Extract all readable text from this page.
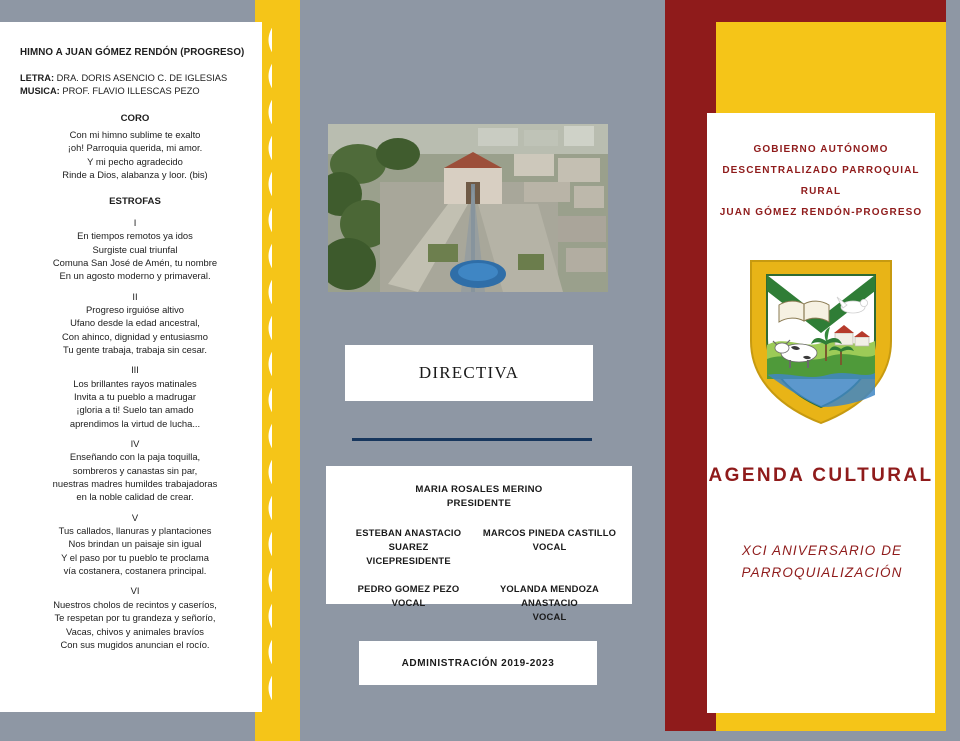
HIMNO A JUAN GÓMEZ RENDÓN (PROGRESO)
LETRA: DRA. DORIS ASENCIO C. DE IGLESIAS
MUSICA: PROF. FLAVIO ILLESCAS PEZO
CORO
Con mi himno sublime te exalto
¡oh! Parroquia querida, mi amor.
Y mi pecho agradecido
Rinde a Dios, alabanza y loor. (bis)
ESTROFAS
I
En tiempos remotos ya idos
Surgiste cual triunfal
Comuna San José de Amén, tu nombre
En un agosto moderno y primaveral.
II
Progreso irguióse altivo
Ufano desde la edad ancestral,
Con ahinco, dignidad y entusiasmo
Tu gente trabaja, trabaja sin cesar.
III
Los brillantes rayos matinales
Invita a tu pueblo a madrugar
¡gloria a ti! Suelo tan amado
aprendimos la virtud de lucha...
IV
Enseñando con la paja toquilla,
sombreros y canastas sin par,
nuestras madres humildes trabajadoras
en la noble calidad de crear.
V
Tus callados, llanuras y plantaciones
Nos brindan un paisaje sin igual
Y el paso por tu pueblo te proclama
vía costanera, costanera principal.
VI
Nuestros cholos de recintos y caseríos,
Te respetan por tu grandeza y señorío,
Vacas, chivos y animales bravíos
Con sus mugidos anuncian el rocío.
DIRECTIVA
MARIA ROSALES MERINO
PRESIDENTE
ESTEBAN ANASTACIO SUAREZ
VICEPRESIDENTE
MARCOS PINEDA CASTILLO
VOCAL
PEDRO GOMEZ PEZO
VOCAL
YOLANDA MENDOZA ANASTACIO
VOCAL
ADMINISTRACIÓN 2019-2023
GOBIERNO AUTÓNOMO
DESCENTRALIZADO PARROQUIAL RURAL
JUAN GÓMEZ RENDÓN-PROGRESO
AGENDA CULTURAL
XCI ANIVERSARIO DE
PARROQUIALIZACIÓN
